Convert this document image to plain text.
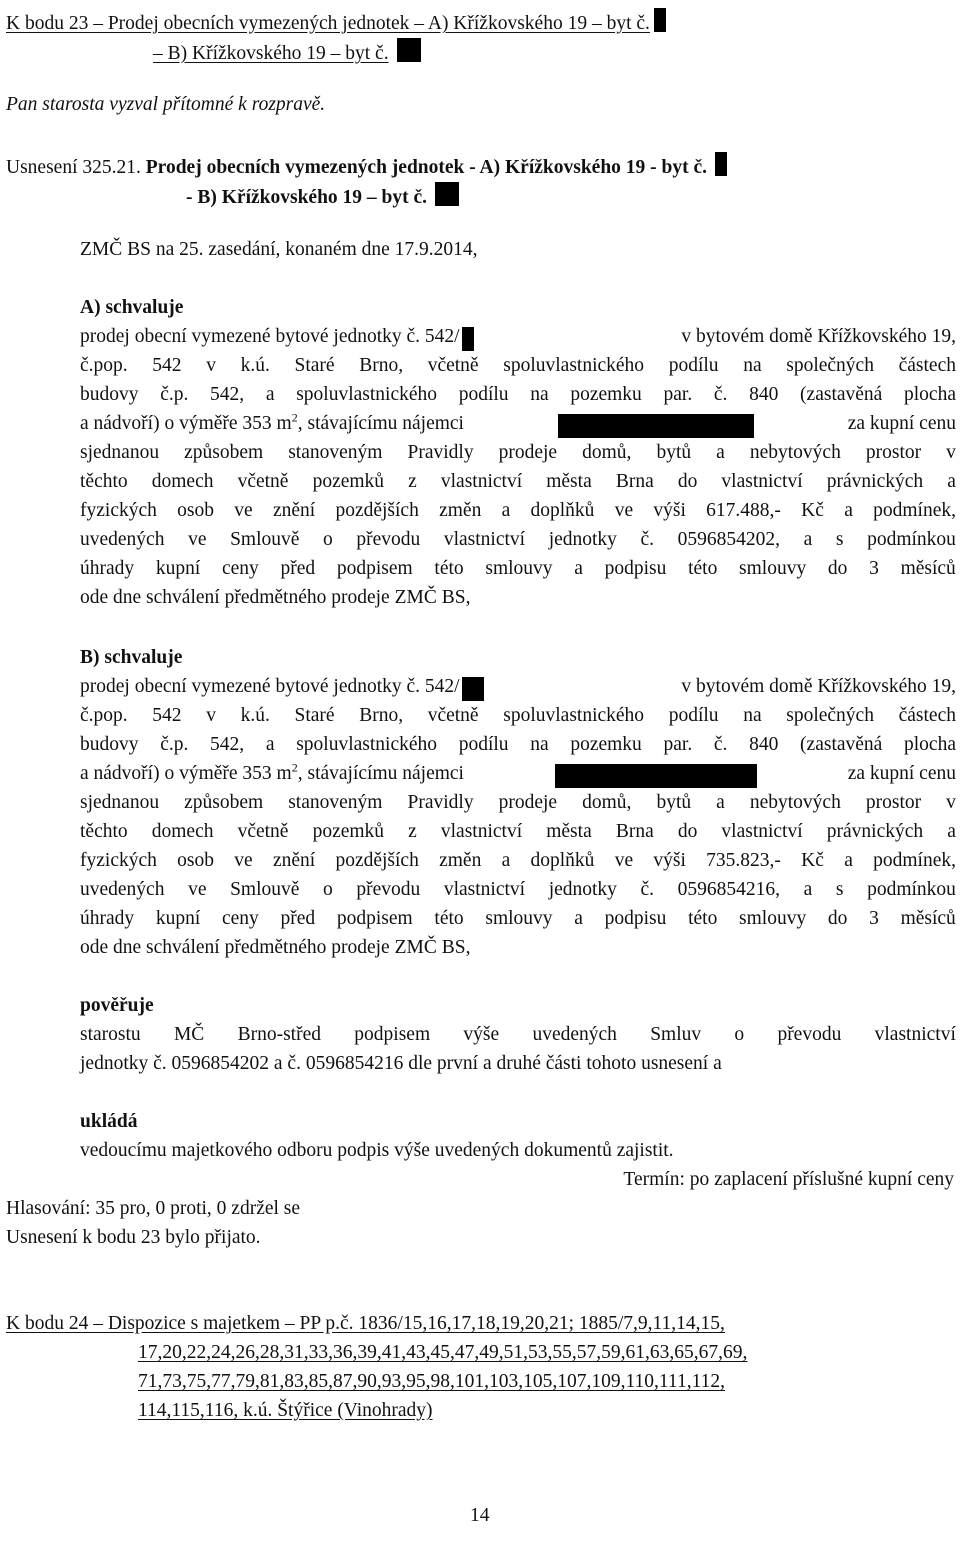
K bodu 23 – Prodej obecních vymezených jednotek – A) Křížkovského 19 – byt č.
– B) Křížkovského 19 – byt č.
Pan starosta vyzval přítomné k rozpravě.
Usnesení 325.21. Prodej obecních vymezených jednotek - A) Křížkovského 19 - byt č.
- B) Křížkovského 19 – byt č.
ZMČ BS na 25. zasedání, konaném dne 17.9.2014,
A) schvaluje
prodej obecní vymezené bytové jednotky č. 542/	v bytovém domě Křížkovského 19,
č.pop. 542 v k.ú. Staré Brno, včetně spoluvlastnického podílu na společných částech
budovy č.p. 542, a spoluvlastnického podílu na pozemku par. č. 840 (zastavěná plocha
a nádvoří) o výměře 353 $m^2$, stávajícímu nájemci	za kupní cenu
sjednanou způsobem stanoveným Pravidly prodeje domů, bytů a nebytových prostor v
těchto domech včetně pozemků z vlastnictví města Brna do vlastnictví právnických a
fyzických osob ve znění pozdějších změn a doplňků ve výši 617.488,- Kč a podmínek,
uvedených ve Smlouvě o převodu vlastnictví jednotky č. 0596854202, a s podmínkou
úhrady kupní ceny před podpisem této smlouvy a podpisu této smlouvy do 3 měsíců
ode dne schválení předmětného prodeje ZMČ BS,
B) schvaluje
prodej obecní vymezené bytové jednotky č. 542/	v bytovém domě Křížkovského 19,
č.pop. 542 v k.ú. Staré Brno, včetně spoluvlastnického podílu na společných částech
budovy č.p. 542, a spoluvlastnického podílu na pozemku par. č. 840 (zastavěná plocha
a nádvoří) o výměře 353 $m^2$, stávajícímu nájemci	za kupní cenu
sjednanou způsobem stanoveným Pravidly prodeje domů, bytů a nebytových prostor v
těchto domech včetně pozemků z vlastnictví města Brna do vlastnictví právnických a
fyzických osob ve znění pozdějších změn a doplňků ve výši 735.823,- Kč a podmínek,
uvedených ve Smlouvě o převodu vlastnictví jednotky č. 0596854216, a s podmínkou
úhrady kupní ceny před podpisem této smlouvy a podpisu této smlouvy do 3 měsíců
ode dne schválení předmětného prodeje ZMČ BS,
pověřuje
starostu MČ Brno-střed podpisem výše uvedených Smluv o převodu vlastnictví
jednotky č. 0596854202 a č. 0596854216 dle první a druhé části tohoto usnesení a
ukládá
vedoucímu majetkového odboru podpis výše uvedených dokumentů zajistit.
Termín: po zaplacení příslušné kupní ceny
Hlasování: 35 pro, 0 proti, 0 zdržel se
Usnesení k bodu 23 bylo přijato.
K bodu 24 – Dispozice s majetkem – PP p.č. 1836/15,16,17,18,19,20,21; 1885/7,9,11,14,15,
17,20,22,24,26,28,31,33,36,39,41,43,45,47,49,51,53,55,57,59,61,63,65,67,69,
71,73,75,77,79,81,83,85,87,90,93,95,98,101,103,105,107,109,110,111,112,
114,115,116, k.ú. Štýřice (Vinohrady)
14
